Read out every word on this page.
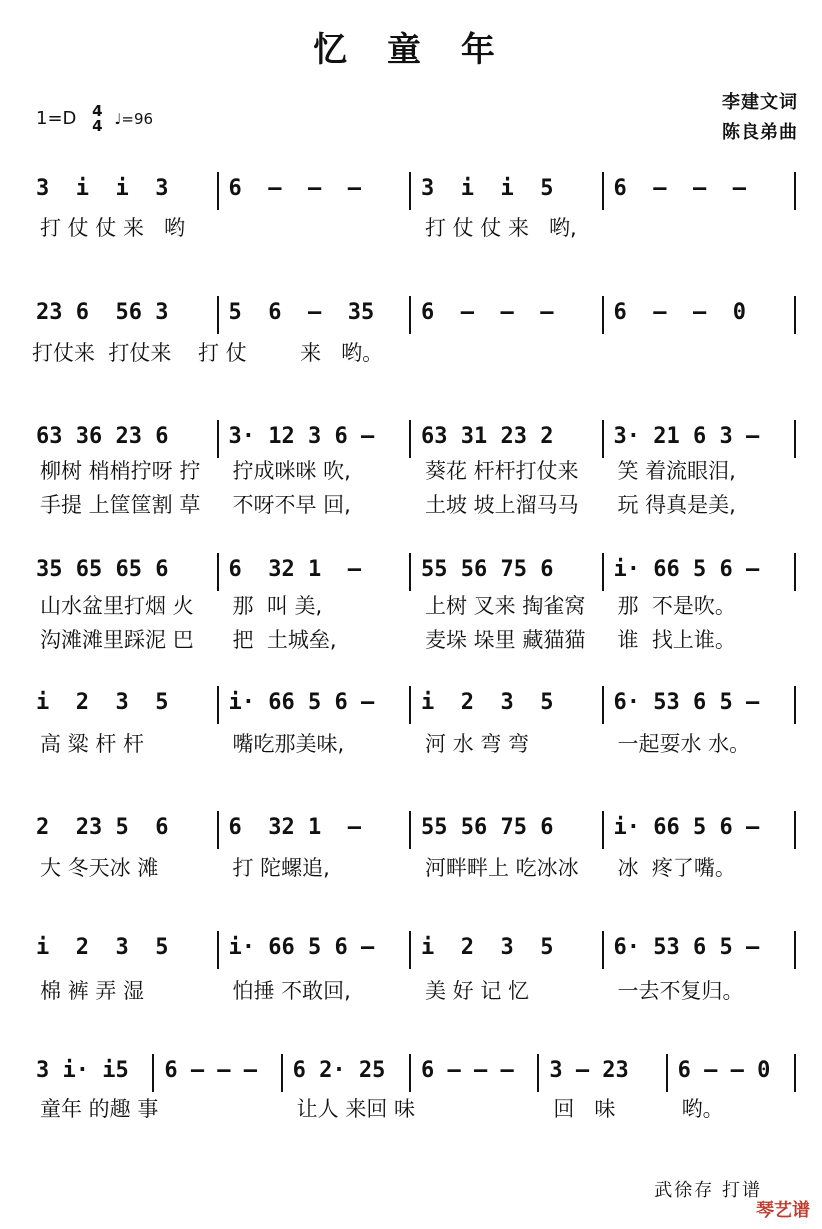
忆 童 年
1=D 4
4 ♩=96
李建文词
陈良弟曲
3  i  i  3	6  –  –  –	3  i  i  5	6  –  –  –
打 仗 仗 来   哟	打 仗 仗 来   哟,
23 6  56 3	5  6  –  35	6  –  –  –	6  –  –  0
打仗来  打仗来    打 仗        来   哟。
63 36 23 6	3· 12 3 6 –	63 31 23 2	3· 21 6 3 –
柳树 梢梢拧呀 拧	拧成咪咪 吹,	葵花 杆杆打仗来	笑 着流眼泪,
手提 上筐筐割 草	不呀不早 回,	土坡 坡上溜马马	玩 得真是美,
35 65 65 6	6  32 1  –	55 56 75 6	i· 66 5 6 –
山水盆里打烟 火	那  叫 美,	上树 叉来 掏雀窝	那  不是吹。
沟滩滩里踩泥 巴	把  土城垒,	麦垛 垛里 藏猫猫	谁  找上谁。
i  2  3  5	i· 66 5 6 –	i  2  3  5	6· 53 6 5 –
高 粱 杆 杆	嘴吃那美味,	河 水 弯 弯	一起耍水 水。
2  23 5  6	6  32 1  –	55 56 75 6	i· 66 5 6 –
大 冬天冰 滩	打 陀螺追,	河畔畔上 吃冰冰	冰  疼了嘴。
i  2  3  5	i· 66 5 6 –	i  2  3  5	6· 53 6 5 –
棉 裤 弄 湿	怕捶 不敢回,	美 好 记 忆	一去不复归。
3 i· i5	6 – – –	6 2· 25	6 – – –	3 – 23	6 – – 0
童年 的趣 事	让人 来回 味	回   味	哟。
武徐存 打谱
琴艺谱
